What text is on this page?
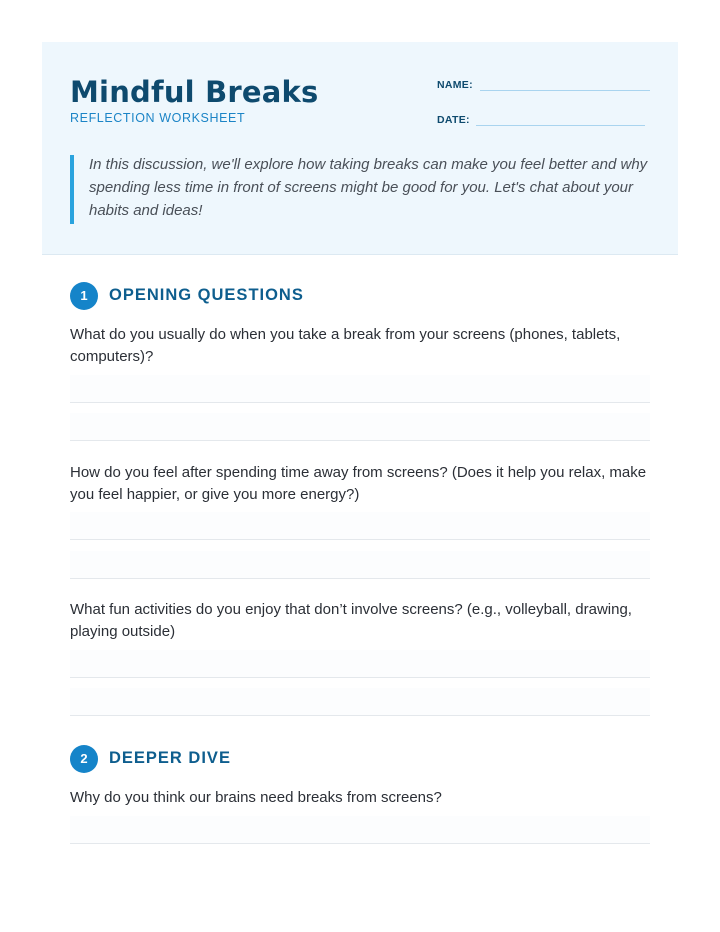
Mindful Breaks
REFLECTION WORKSHEET
NAME:
DATE:

In this discussion, we'll explore how taking breaks can make you feel better and why spending less time in front of screens might be good for you. Let's chat about your habits and ideas!

1	OPENING QUESTIONS

What do you usually do when you take a break from your screens (phones, tablets, computers)?

How do you feel after spending time away from screens? (Does it help you relax, make you feel happier, or give you more energy?)

What fun activities do you enjoy that don’t involve screens? (e.g., volleyball, drawing, playing outside)

2	DEEPER DIVE

Why do you think our brains need breaks from screens?
